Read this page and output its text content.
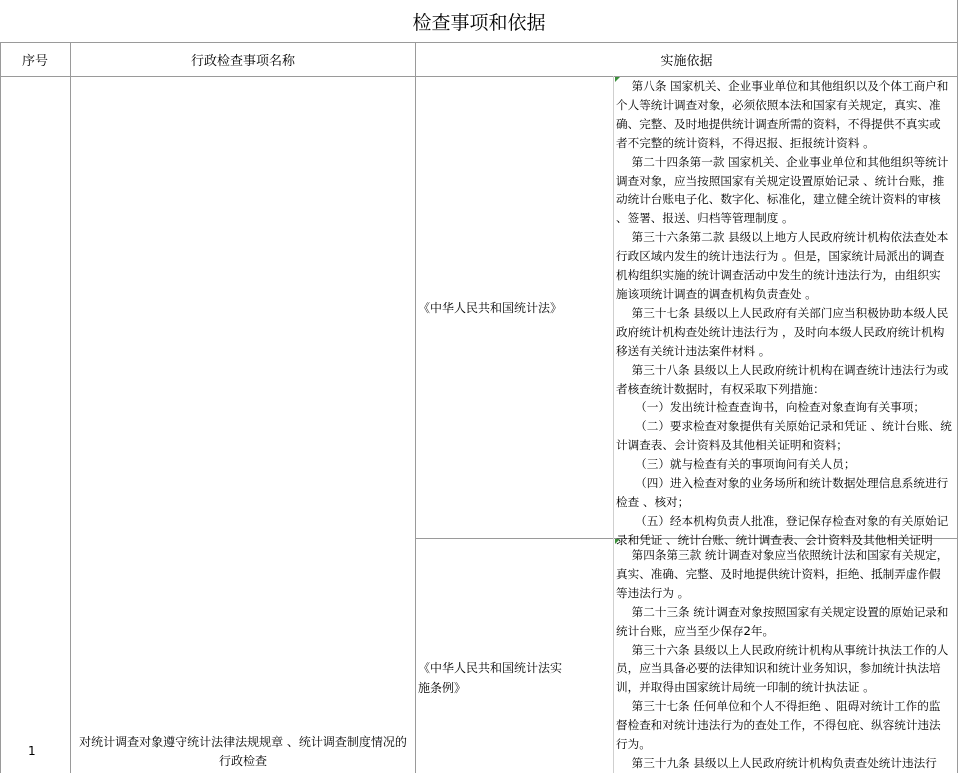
检查事项和依据
序号	行政检查事项名称	实施依据
1
对统计调查对象遵守统计法律法规规章 、统计调查制度情况的行政检查
《中华人民共和国统计法》

第八条 国家机关、企业事业单位和其他组织以及个体工商户和个人等统计调查对象，必须依照本法和国家有关规定，真实、准确、完整、及时地提供统计调查所需的资料，不得提供不真实或者不完整的统计资料，不得迟报、拒报统计资料 。

第二十四条第一款 国家机关、企业事业单位和其他组织等统计调查对象，应当按照国家有关规定设置原始记录 、统计台账，推动统计台账电子化、数字化、标准化，建立健全统计资料的审核 、签署、报送、归档等管理制度 。

第三十六条第二款 县级以上地方人民政府统计机构依法查处本行政区域内发生的统计违法行为 。但是，国家统计局派出的调查机构组织实施的统计调查活动中发生的统计违法行为，由组织实施该项统计调查的调查机构负责查处 。

第三十七条 县级以上人民政府有关部门应当积极协助本级人民政府统计机构查处统计违法行为 ，及时向本级人民政府统计机构移送有关统计违法案件材料 。

第三十八条 县级以上人民政府统计机构在调查统计违法行为或者核查统计数据时，有权采取下列措施：

（一）发出统计检查查询书，向检查对象查询有关事项；

（二）要求检查对象提供有关原始记录和凭证 、统计台账、统计调查表、会计资料及其他相关证明和资料；

（三）就与检查有关的事项询问有关人员；

（四）进入检查对象的业务场所和统计数据处理信息系统进行检查 、核对；

（五）经本机构负责人批准，登记保存检查对象的有关原始记录和凭证 、统计台账、统计调查表、会计资料及其他相关证明

《中华人民共和国统计法实施条例》

第四条第三款 统计调查对象应当依照统计法和国家有关规定，真实、准确、完整、及时地提供统计资料，拒绝、抵制弄虚作假等违法行为 。

第二十三条 统计调查对象按照国家有关规定设置的原始记录和统计台账，应当至少保存2年。

第三十六条 县级以上人民政府统计机构从事统计执法工作的人员，应当具备必要的法律知识和统计业务知识，参加统计执法培训，并取得由国家统计局统一印制的统计执法证 。

第三十七条 任何单位和个人不得拒绝 、阻碍对统计工作的监督检查和对统计违法行为的查处工作，不得包庇、纵容统计违法行为。

第三十九条 县级以上人民政府统计机构负责查处统计违法行
